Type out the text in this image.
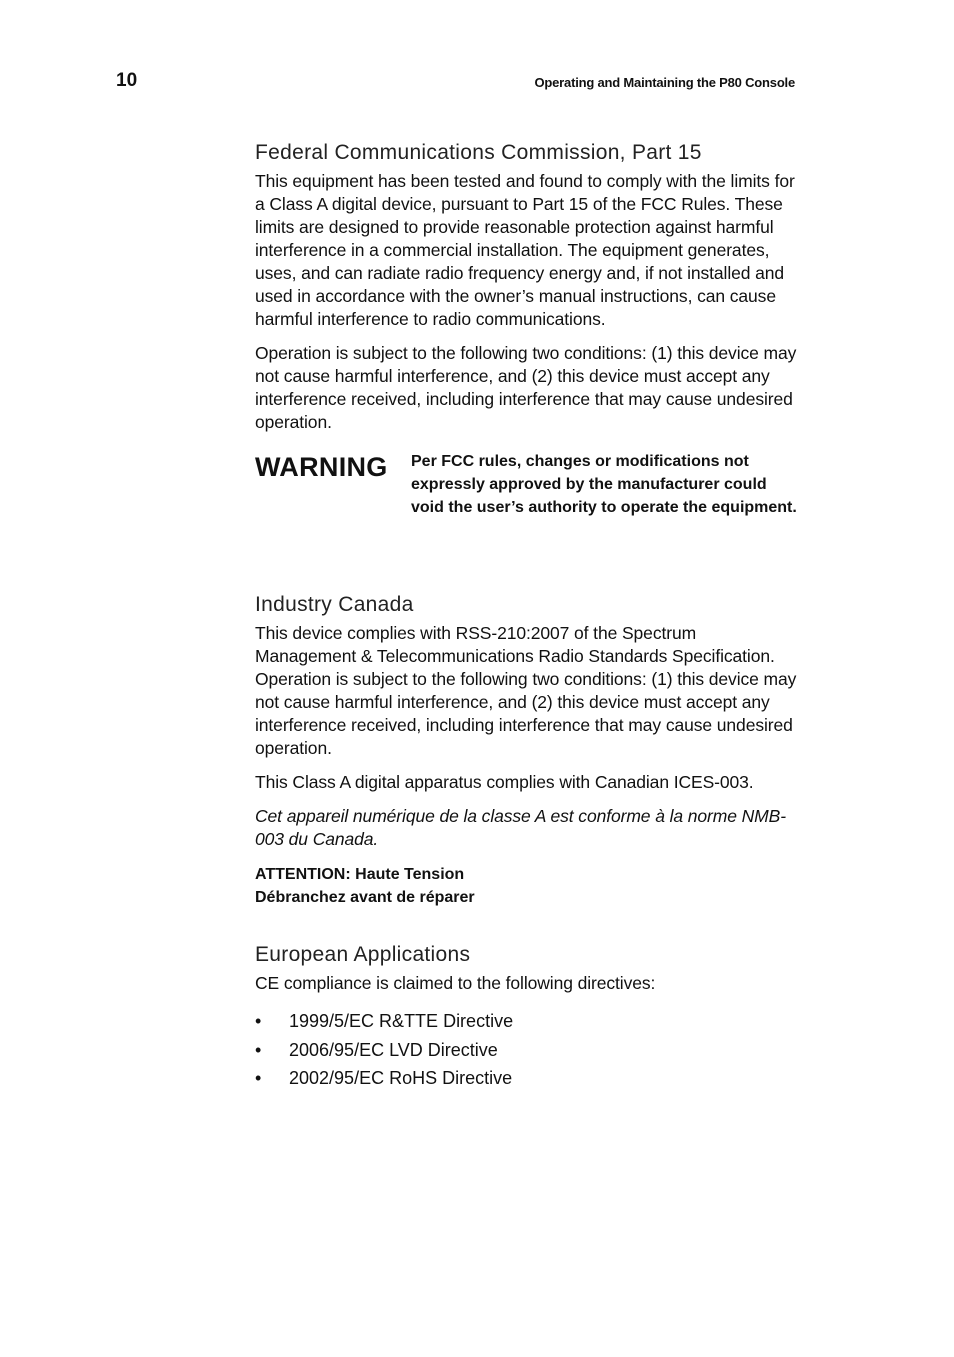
10	Operating and Maintaining the P80 Console
Federal Communications Commission, Part 15

This equipment has been tested and found to comply with the limits for a Class A digital device, pursuant to Part 15 of the FCC Rules. These limits are designed to provide reasonable protection against harmful interference in a commercial installation. The equipment generates, uses, and can radiate radio frequency energy and, if not installed and used in accordance with the owner’s manual instructions, can cause harmful interference to radio communications.

Operation is subject to the following two conditions: (1) this device may not cause harmful interference, and (2) this device must accept any interference received, including interference that may cause undesired operation.

WARNING	Per FCC rules, changes or modifications not expressly approved by the manufacturer could void the user’s authority to operate the equipment.
Industry Canada

This device complies with RSS-210:2007 of the Spectrum Management & Telecommunications Radio Standards Specification. Operation is subject to the following two conditions: (1) this device may not cause harmful interference, and (2) this device must accept any interference received, including interference that may cause undesired operation.

This Class A digital apparatus complies with Canadian ICES-003.

Cet appareil numérique de la classe A est conforme à la norme NMB-003 du Canada.

ATTENTION: Haute Tension
Débranchez avant de réparer
European Applications

CE compliance is claimed to the following directives:

•	1999/5/EC R&TTE Directive
•	2006/95/EC LVD Directive
•	2002/95/EC RoHS Directive
